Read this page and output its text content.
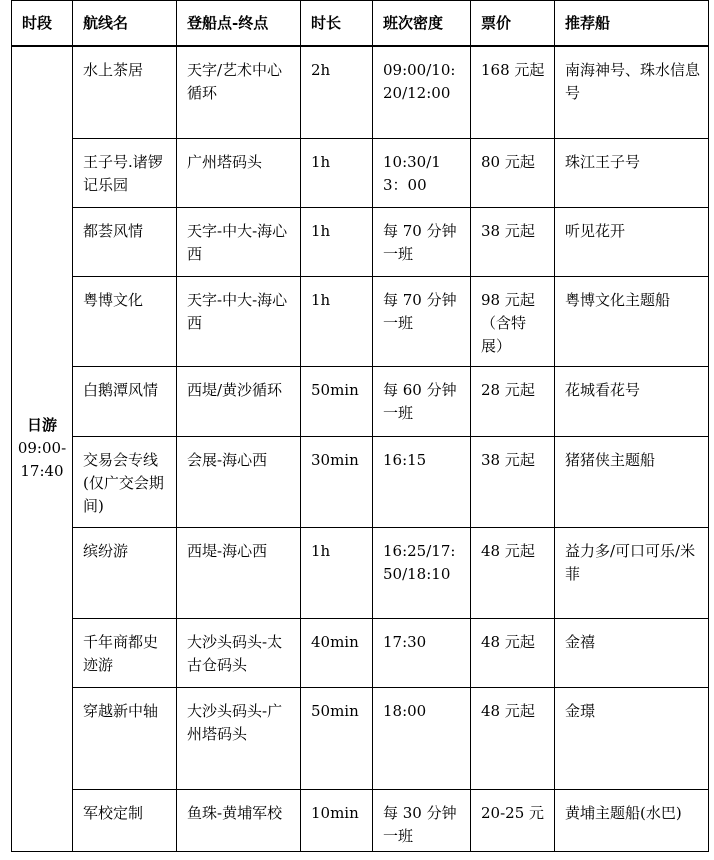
时段	航线名	登船点-终点	时长	班次密度	票价	推荐船

日游
09:00-17:40	水上茶居	天字/艺术中心循环	2h	09:00/10:20/12:00	168 元起	南海神号、珠水信息号
	王子号.诸锣记乐园	广州塔码头	1h	10:30/13：00	80 元起	珠江王子号
	都荟风情	天字-中大-海心西	1h	每 70 分钟一班	38 元起	听见花开
	粤博文化	天字-中大-海心西	1h	每 70 分钟一班	98 元起（含特展）	粤博文化主题船
	白鹅潭风情	西堤/黄沙循环	50min	每 60 分钟一班	28 元起	花城看花号
	交易会专线(仅广交会期间)	会展-海心西	30min	16:15	38 元起	猪猪侠主题船
	缤纷游	西堤-海心西	1h	16:25/17:50/18:10	48 元起	益力多/可口可乐/米菲
	千年商都史迹游	大沙头码头-太古仓码头	40min	17:30	48 元起	金禧
	穿越新中轴	大沙头码头-广州塔码头	50min	18:00	48 元起	金璟
	军校定制	鱼珠-黄埔军校	10min	每 30 分钟一班	20-25 元	黄埔主题船(水巴)
